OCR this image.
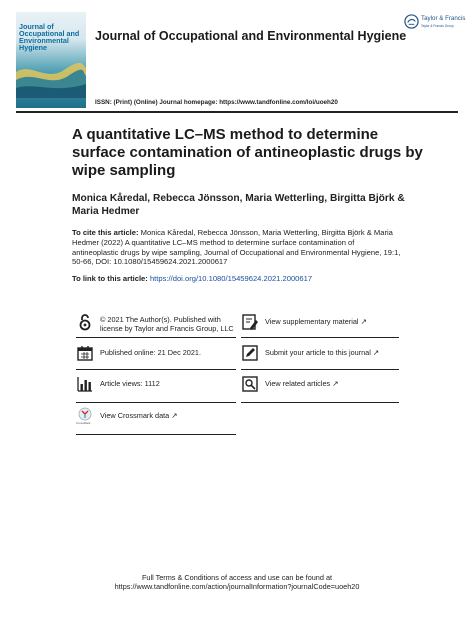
Journal of
Occupational and
Environmental
Hygiene
Journal of Occupational and Environmental Hygiene
Taylor & Francis
Taylor & Francis Group
ISSN: (Print) (Online) Journal homepage: https://www.tandfonline.com/loi/uoeh20
A quantitative LC–MS method to determine surface contamination of antineoplastic drugs by wipe sampling
Monica Kåredal, Rebecca Jönsson, Maria Wetterling, Birgitta Björk & Maria Hedmer
To cite this article: Monica Kåredal, Rebecca Jönsson, Maria Wetterling, Birgitta Björk & Maria Hedmer (2022) A quantitative LC–MS method to determine surface contamination of antineoplastic drugs by wipe sampling, Journal of Occupational and Environmental Hygiene, 19:1, 50-66, DOI: 10.1080/15459624.2021.2000617
To link to this article: https://doi.org/10.1080/15459624.2021.2000617
© 2021 The Author(s). Published with license by Taylor and Francis Group, LLC
Published online: 21 Dec 2021.
Article views: 1112
CrossMark
View Crossmark data ↗︎
View supplementary material ↗︎
Submit your article to this journal ↗︎
View related articles ↗︎
Full Terms & Conditions of access and use can be found at
https://www.tandfonline.com/action/journalInformation?journalCode=uoeh20
